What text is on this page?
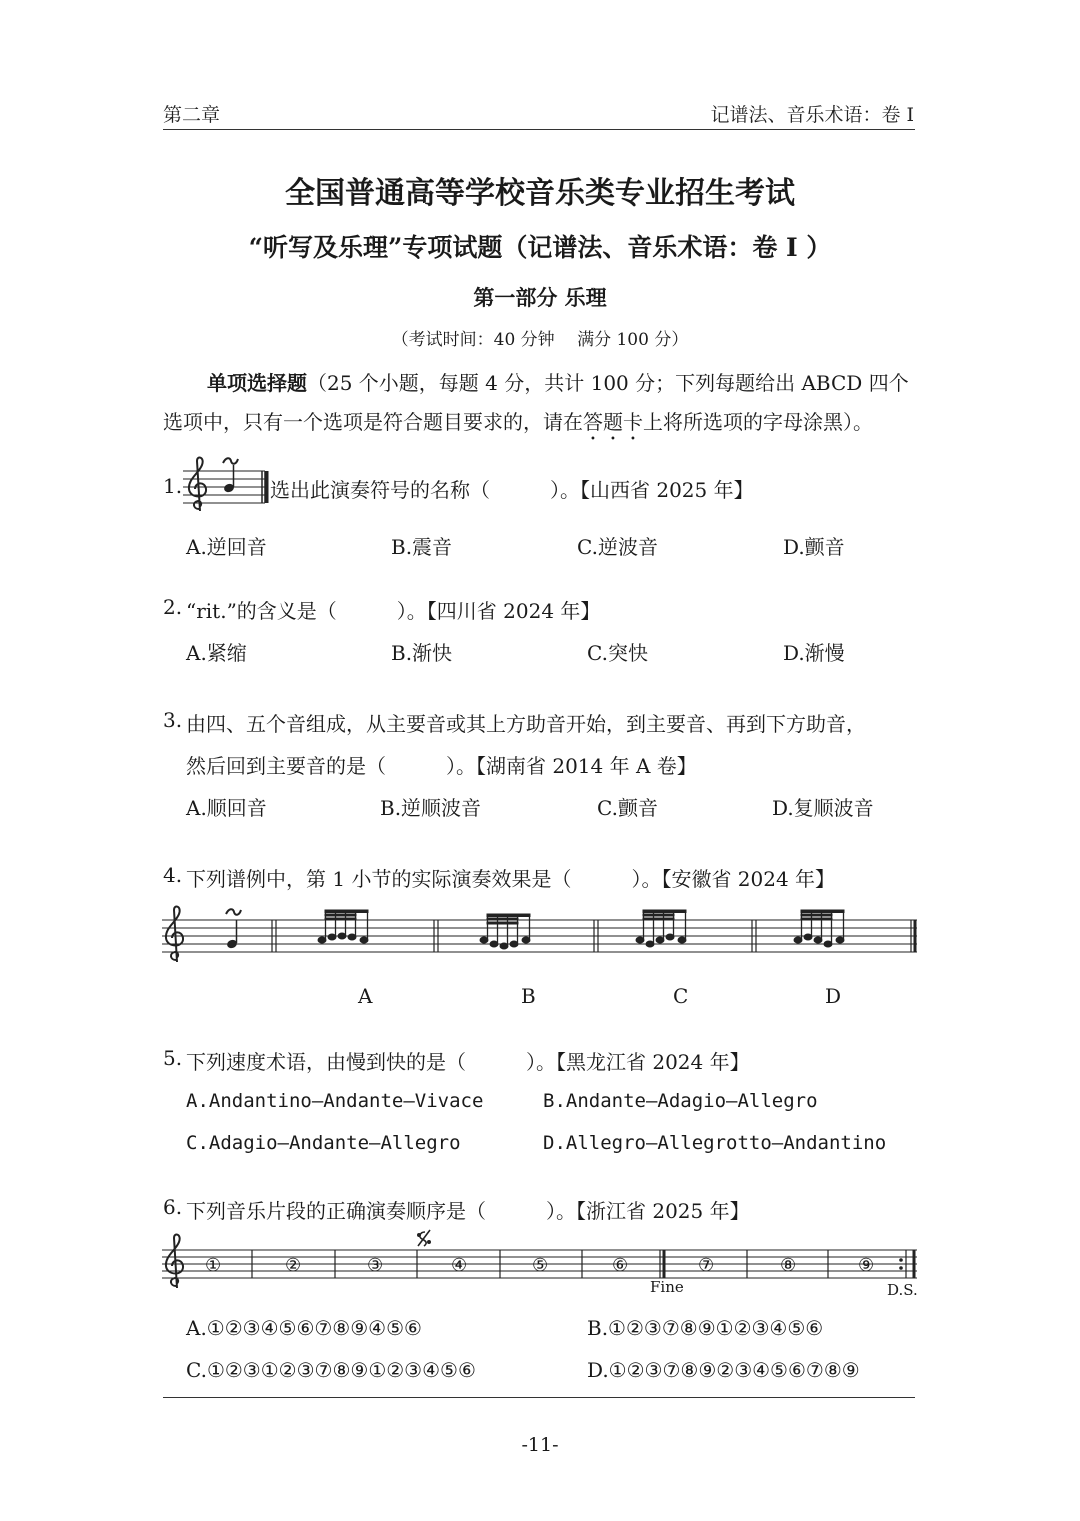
第二章	记谱法、音乐术语：卷 I
全国普通高等学校音乐类专业招生考试
“听写及乐理”专项试题（记谱法、音乐术语：卷 I ）
第一部分 乐理
（考试时间：40 分钟　 满分 100 分）
单项选择题（25 个小题，每题 4 分，共计 100 分；下列每题给出 ABCD 四个
选项中，只有一个选项是符合题目要求的，请在答题卡上将所选项的字母涂黑）。
1.	选出此演奏符号的名称（　　　）。【山西省 2025 年】
A.逆回音	B.震音	C.逆波音	D.颤音
2. “rit.”的含义是（　　　）。【四川省 2024 年】
A.紧缩	B.渐快	C.突快	D.渐慢
3. 由四、五个音组成，从主要音或其上方助音开始，到主要音、再到下方助音，
然后回到主要音的是（　　　）。【湖南省 2014 年 A 卷】
A.顺回音	B.逆顺波音	C.颤音	D.复顺波音
4. 下列谱例中，第 1 小节的实际演奏效果是（　　　）。【安徽省 2024 年】
A	B	C	D
5. 下列速度术语，由慢到快的是（　　　）。【黑龙江省 2024 年】
A.Andantino—Andante—Vivace	B.Andante—Adagio—Allegro
C.Adagio—Andante—Allegro	D.Allegro—Allegrotto—Andantino
6. 下列音乐片段的正确演奏顺序是（　　　）。【浙江省 2025 年】
①	②	③	④	⑤	⑥	⑦	⑧	⑨
Fine	D.S.
A.①②③④⑤⑥⑦⑧⑨④⑤⑥	B.①②③⑦⑧⑨①②③④⑤⑥
C.①②③①②③⑦⑧⑨①②③④⑤⑥	D.①②③⑦⑧⑨②③④⑤⑥⑦⑧⑨
-11-
